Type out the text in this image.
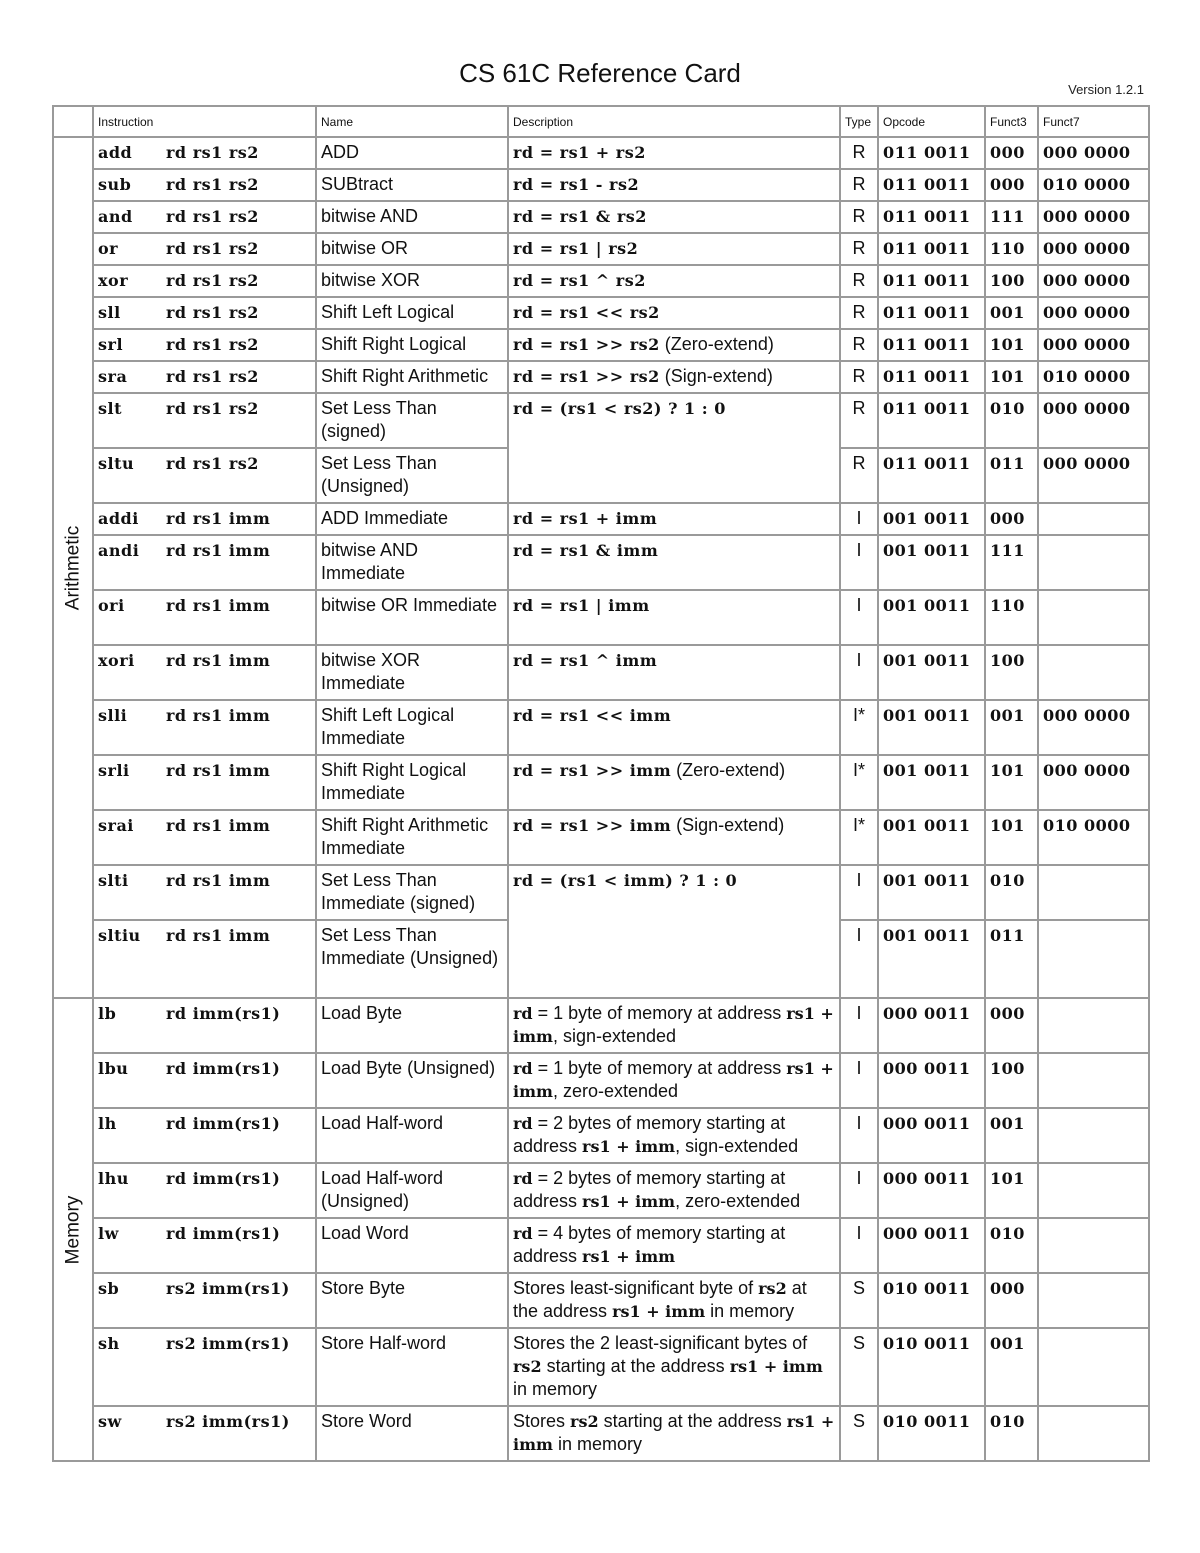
CS 61C Reference Card
Version 1.2.1
	Instruction	Name	Description	Type	Opcode	Funct3	Funct7

Arithmetic	add rd rs1 rs2	ADD	rd = rs1 + rs2	R	011 0011	000	000 0000
	sub rd rs1 rs2	SUBtract	rd = rs1 - rs2	R	011 0011	000	010 0000
	and rd rs1 rs2	bitwise AND	rd = rs1 & rs2	R	011 0011	111	000 0000
	or rd rs1 rs2	bitwise OR	rd = rs1 | rs2	R	011 0011	110	000 0000
	xor rd rs1 rs2	bitwise XOR	rd = rs1 ^ rs2	R	011 0011	100	000 0000
	sll rd rs1 rs2	Shift Left Logical	rd = rs1 << rs2	R	011 0011	001	000 0000
	srl rd rs1 rs2	Shift Right Logical	rd = rs1 >> rs2 (Zero-extend)	R	011 0011	101	000 0000
	sra rd rs1 rs2	Shift Right Arithmetic	rd = rs1 >> rs2 (Sign-extend)	R	011 0011	101	010 0000
	slt rd rs1 rs2	Set Less Than (signed)	rd = (rs1 < rs2) ? 1 : 0	R	011 0011	010	000 0000
	sltu rd rs1 rs2	Set Less Than (Unsigned)		R	011 0011	011	000 0000
	addi rd rs1 imm	ADD Immediate	rd = rs1 + imm	I	001 0011	000	
	andi rd rs1 imm	bitwise AND Immediate	rd = rs1 & imm	I	001 0011	111	
	ori rd rs1 imm	bitwise OR Immediate	rd = rs1 | imm	I	001 0011	110	
	xori rd rs1 imm	bitwise XOR Immediate	rd = rs1 ^ imm	I	001 0011	100	
	slli rd rs1 imm	Shift Left Logical Immediate	rd = rs1 << imm	I*	001 0011	001	000 0000
	srli rd rs1 imm	Shift Right Logical Immediate	rd = rs1 >> imm (Zero-extend)	I*	001 0011	101	000 0000
	srai rd rs1 imm	Shift Right Arithmetic Immediate	rd = rs1 >> imm (Sign-extend)	I*	001 0011	101	010 0000
	slti rd rs1 imm	Set Less Than Immediate (signed)	rd = (rs1 < imm) ? 1 : 0	I	001 0011	010	
	sltiu rd rs1 imm	Set Less Than Immediate (Unsigned)		I	001 0011	011	

Memory	lb rd imm(rs1)	Load Byte	rd = 1 byte of memory at address rs1 + imm, sign-extended	I	000 0011	000	
	lbu rd imm(rs1)	Load Byte (Unsigned)	rd = 1 byte of memory at address rs1 + imm, zero-extended	I	000 0011	100	
	lh rd imm(rs1)	Load Half-word	rd = 2 bytes of memory starting at address rs1 + imm, sign-extended	I	000 0011	001	
	lhu rd imm(rs1)	Load Half-word (Unsigned)	rd = 2 bytes of memory starting at address rs1 + imm, zero-extended	I	000 0011	101	
	lw rd imm(rs1)	Load Word	rd = 4 bytes of memory starting at address rs1 + imm	I	000 0011	010	
	sb rs2 imm(rs1)	Store Byte	Stores least-significant byte of rs2 at the address rs1 + imm in memory	S	010 0011	000	
	sh rs2 imm(rs1)	Store Half-word	Stores the 2 least-significant bytes of rs2 starting at the address rs1 + imm in memory	S	010 0011	001	
	sw rs2 imm(rs1)	Store Word	Stores rs2 starting at the address rs1 + imm in memory	S	010 0011	010	
